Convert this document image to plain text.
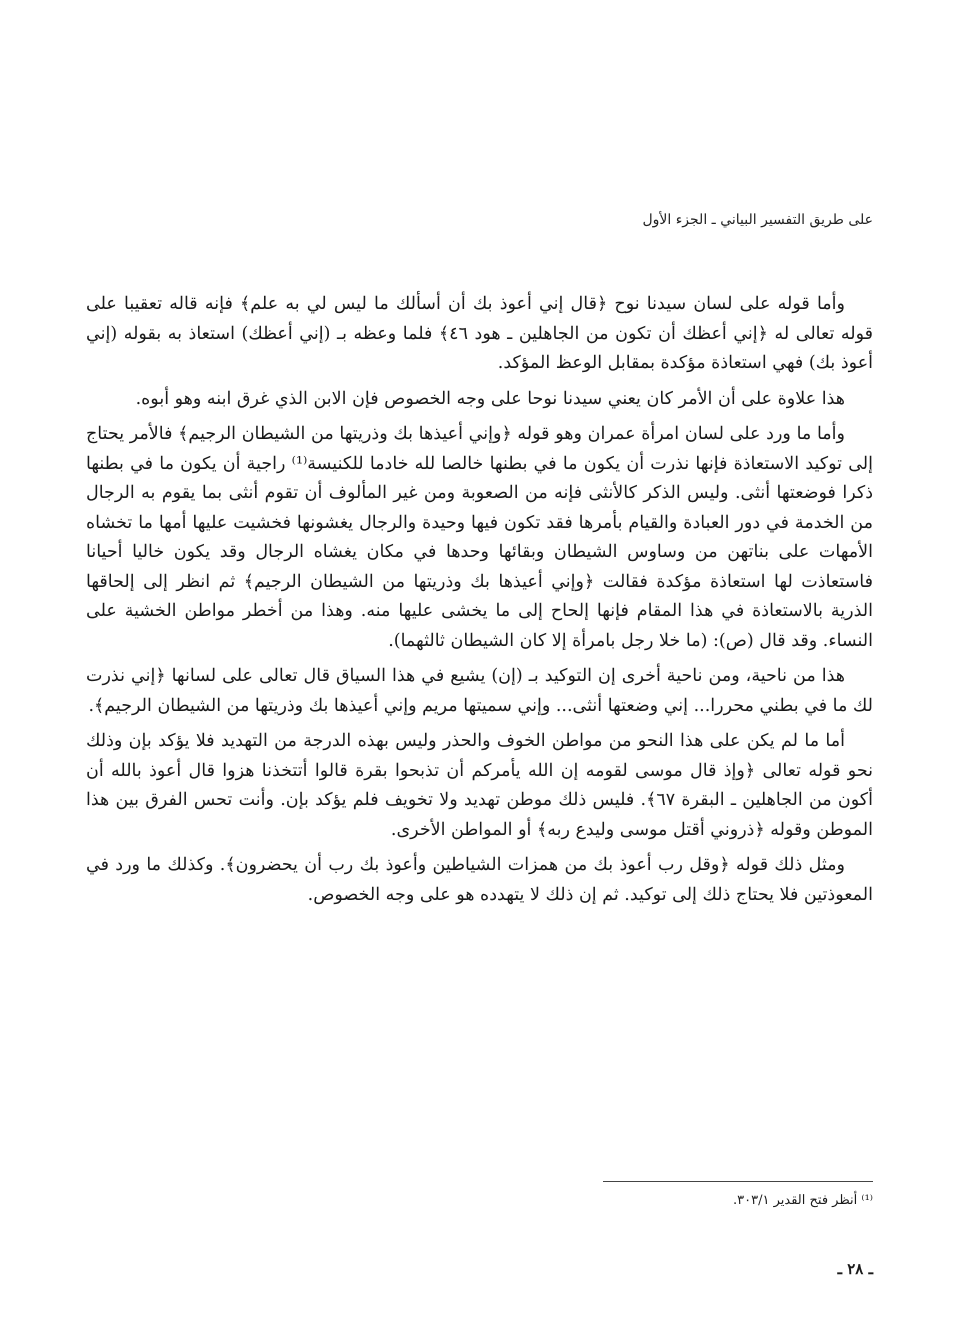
على طريق التفسير البياني ـ الجزء الأول

وأما قوله على لسان سيدنا نوح ﴿قال إني أعوذ بك أن أسألك ما ليس لي به علم﴾ فإنه قاله تعقيبا على قوله تعالى له ﴿إني أعظك أن تكون من الجاهلين ـ هود ٤٦﴾ فلما وعظه بـ (إني أعظك) استعاذ به بقوله (إني أعوذ بك) فهي استعاذة مؤكدة بمقابل الوعظ المؤكد.

هذا علاوة على أن الأمر كان يعني سيدنا نوحا على وجه الخصوص فإن الابن الذي غرق ابنه وهو أبوه.

وأما ما ورد على لسان امرأة عمران وهو قوله ﴿وإني أعيذها بك وذريتها من الشيطان الرجيم﴾ فالأمر يحتاج إلى توكيد الاستعاذة فإنها نذرت أن يكون ما في بطنها خالصا لله خادما للكنيسة⁽¹⁾ راجية أن يكون ما في بطنها ذكرا فوضعتها أنثى. وليس الذكر كالأنثى فإنه من الصعوبة ومن غير المألوف أن تقوم أنثى بما يقوم به الرجال من الخدمة في دور العبادة والقيام بأمرها فقد تكون فيها وحيدة والرجال يغشونها فخشيت عليها أمها ما تخشاه الأمهات على بناتهن من وساوس الشيطان وبقائها وحدها في مكان يغشاه الرجال وقد يكون خاليا أحيانا فاستعاذت لها استعاذة مؤكدة فقالت ﴿وإني أعيذها بك وذريتها من الشيطان الرجيم﴾ ثم انظر إلى إلحاقها الذرية بالاستعاذة في هذا المقام فإنها إلحاح إلى ما يخشى عليها منه. وهذا من أخطر مواطن الخشية على النساء. وقد قال (ص): (ما خلا رجل بامرأة إلا كان الشيطان ثالثهما).

هذا من ناحية، ومن ناحية أخرى إن التوكيد بـ (إن) يشيع في هذا السياق قال تعالى على لسانها ﴿إني نذرت لك ما في بطني محررا... إني وضعتها أنثى... وإني سميتها مريم وإني أعيذها بك وذريتها من الشيطان الرجيم﴾.

أما ما لم يكن على هذا النحو من مواطن الخوف والحذر وليس بهذه الدرجة من التهديد فلا يؤكد بإن وذلك نحو قوله تعالى ﴿وإذ قال موسى لقومه إن الله يأمركم أن تذبحوا بقرة قالوا أتتخذنا هزوا قال أعوذ بالله أن أكون من الجاهلين ـ البقرة ٦٧﴾. فليس ذلك موطن تهديد ولا تخويف فلم يؤكد بإن. وأنت تحس الفرق بين هذا الموطن وقوله ﴿ذروني أقتل موسى وليدع ربه﴾ أو المواطن الأخرى.

ومثل ذلك قوله ﴿وقل رب أعوذ بك من همزات الشياطين وأعوذ بك رب أن يحضرون﴾. وكذلك ما ورد في المعوذتين فلا يحتاج ذلك إلى توكيد. ثم إن ذلك لا يتهدده هو على وجه الخصوص.

⁽¹⁾ أنظر فتح القدير ٣٠٣/١.
ـ ٢٨ ـ
